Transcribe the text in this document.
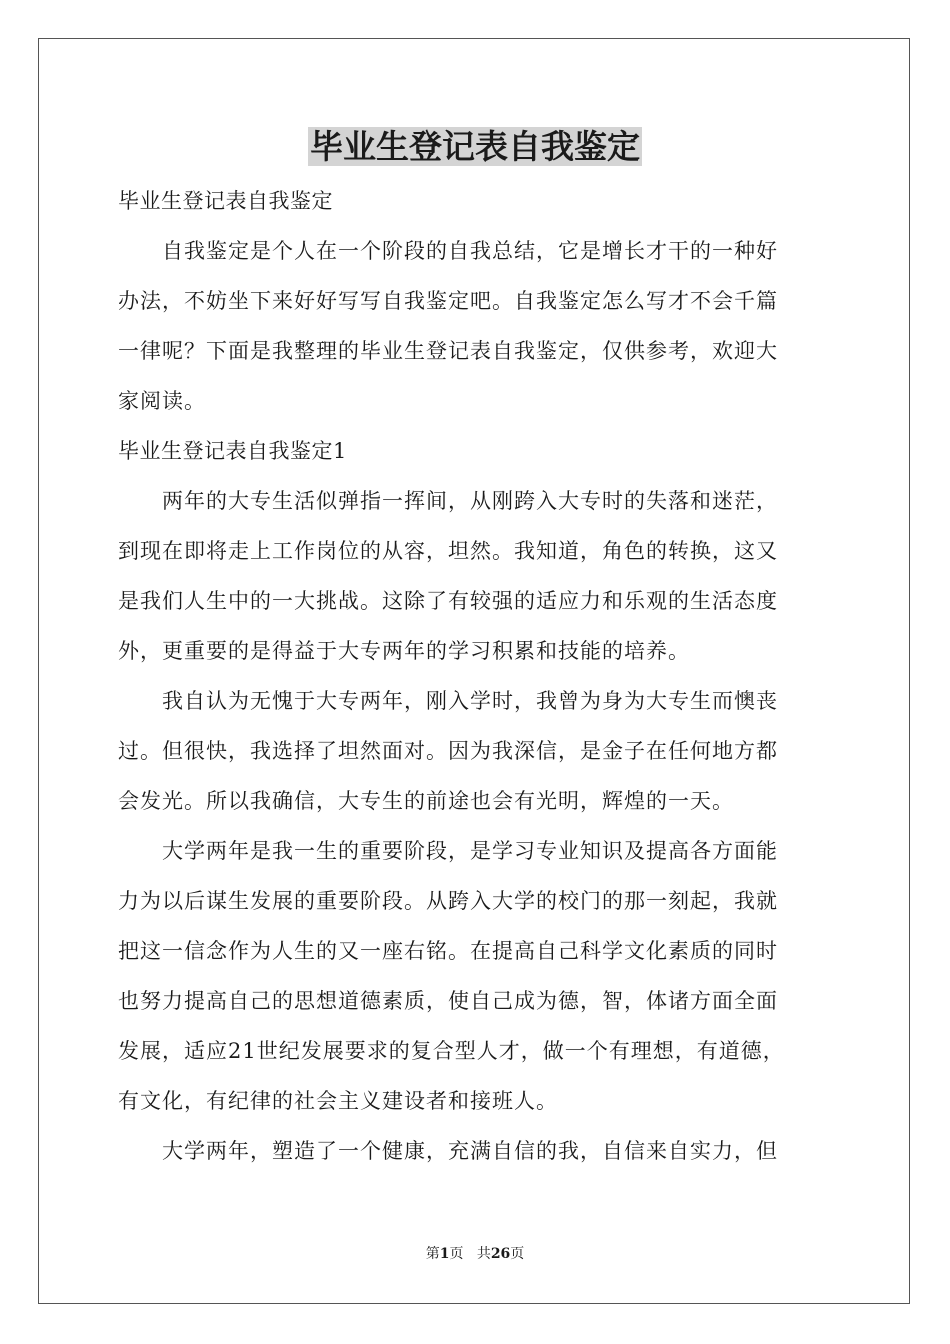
毕业生登记表自我鉴定

毕业生登记表自我鉴定

　　自我鉴定是个人在一个阶段的自我总结，它是增长才干的一种好

办法，不妨坐下来好好写写自我鉴定吧。自我鉴定怎么写才不会千篇

一律呢？下面是我整理的毕业生登记表自我鉴定，仅供参考，欢迎大

家阅读。

毕业生登记表自我鉴定1

　　两年的大专生活似弹指一挥间，从刚跨入大专时的失落和迷茫，

到现在即将走上工作岗位的从容，坦然。我知道，角色的转换，这又

是我们人生中的一大挑战。这除了有较强的适应力和乐观的生活态度

外，更重要的是得益于大专两年的学习积累和技能的培养。

　　我自认为无愧于大专两年，刚入学时，我曾为身为大专生而懊丧

过。但很快，我选择了坦然面对。因为我深信，是金子在任何地方都

会发光。所以我确信，大专生的前途也会有光明，辉煌的一天。

　　大学两年是我一生的重要阶段，是学习专业知识及提高各方面能

力为以后谋生发展的重要阶段。从跨入大学的校门的那一刻起，我就

把这一信念作为人生的又一座右铭。在提高自己科学文化素质的同时

也努力提高自己的思想道德素质，使自己成为德，智，体诸方面全面

发展，适应21世纪发展要求的复合型人才，做一个有理想，有道德，

有文化，有纪律的社会主义建设者和接班人。

　　大学两年，塑造了一个健康，充满自信的我，自信来自实力，但

第1页 共26页
